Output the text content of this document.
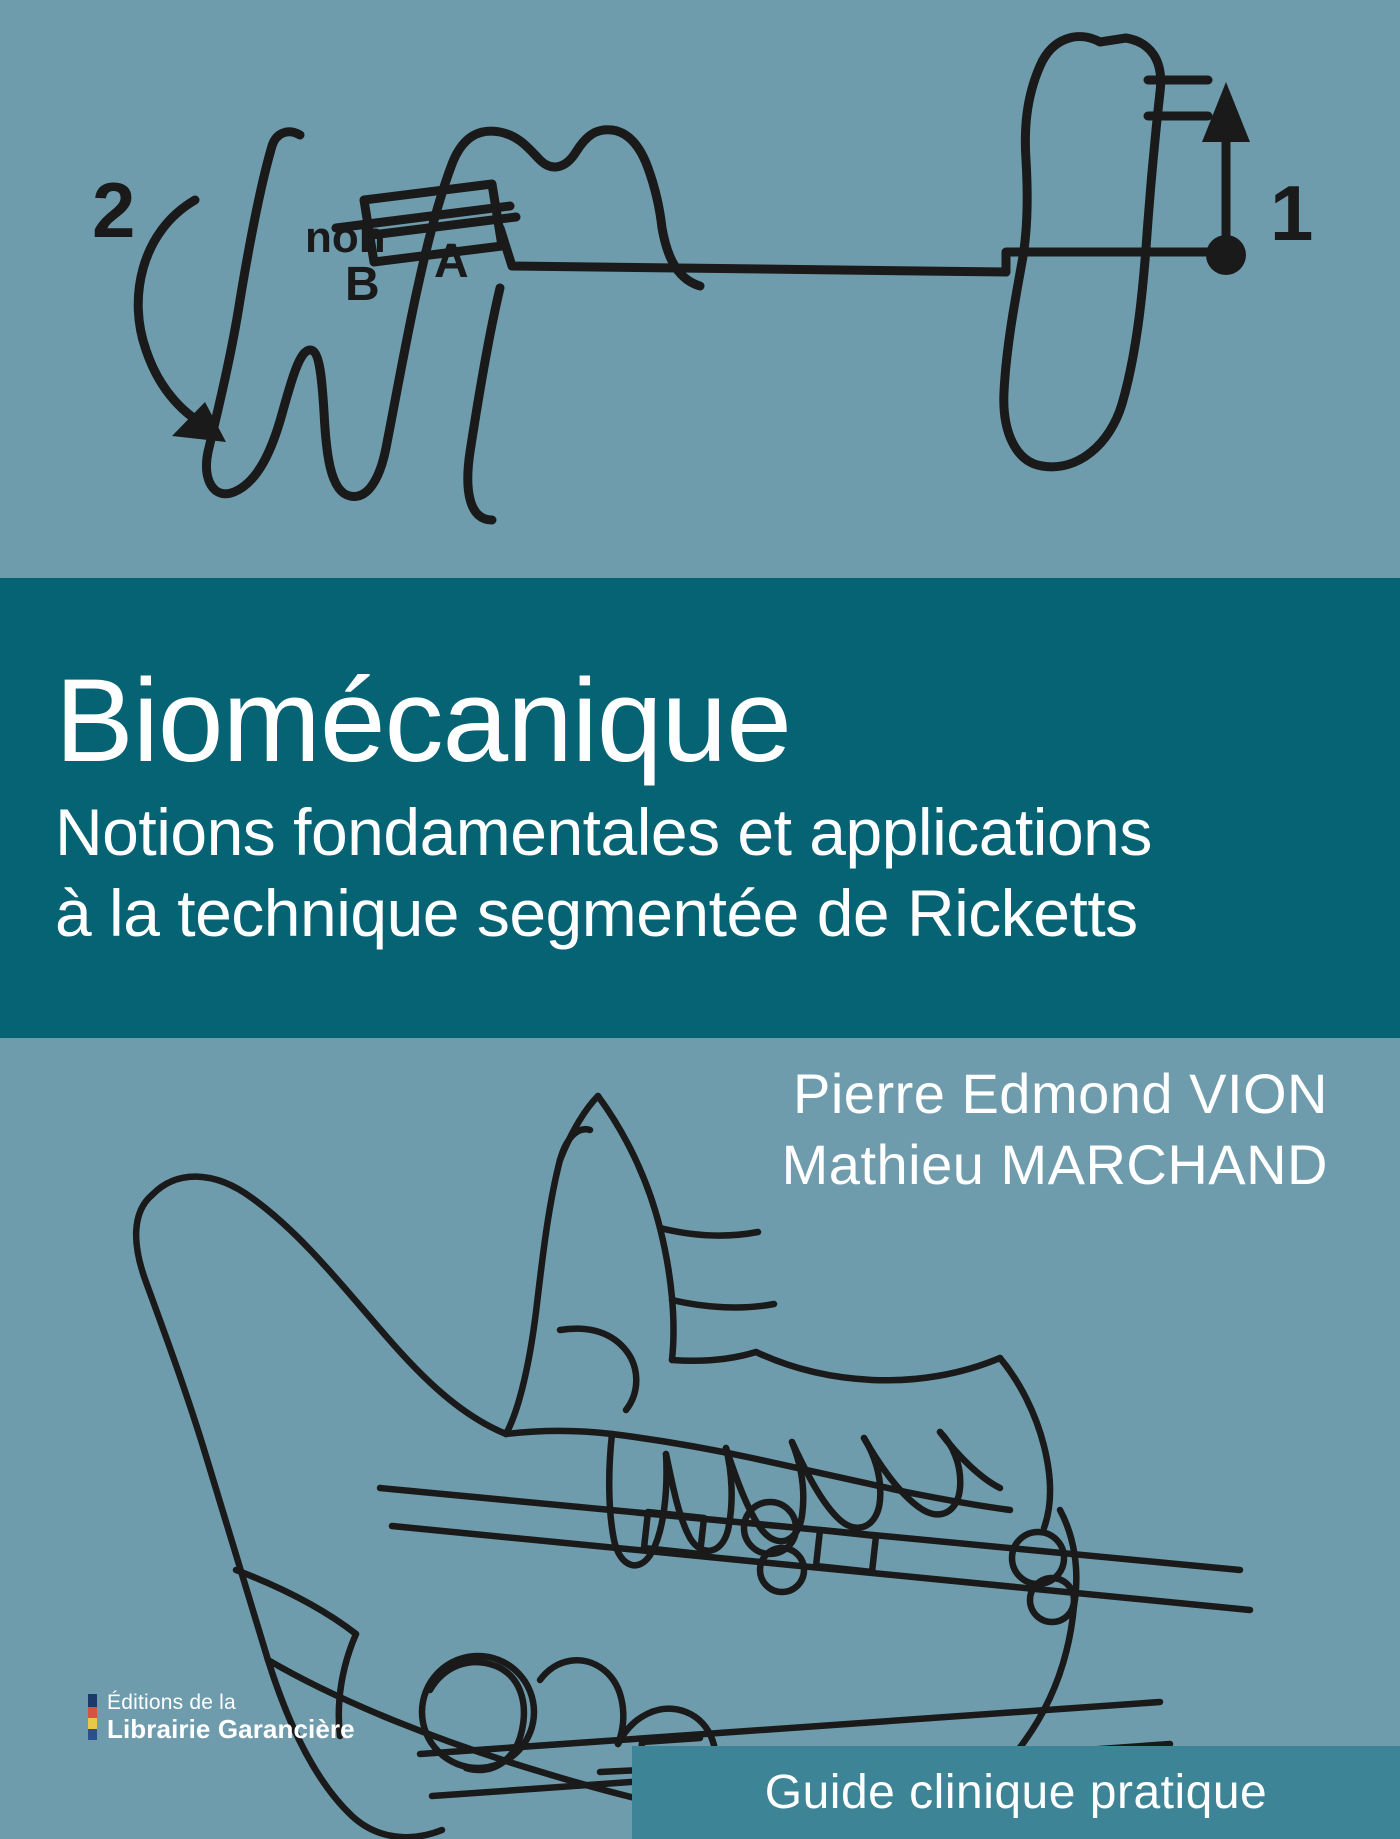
2	1
non
B A
Biomécanique
Notions fondamentales et applications
à la technique segmentée de Ricketts
Pierre Edmond VION
Mathieu MARCHAND
Éditions de la
Librairie Garancière
Guide clinique pratique
